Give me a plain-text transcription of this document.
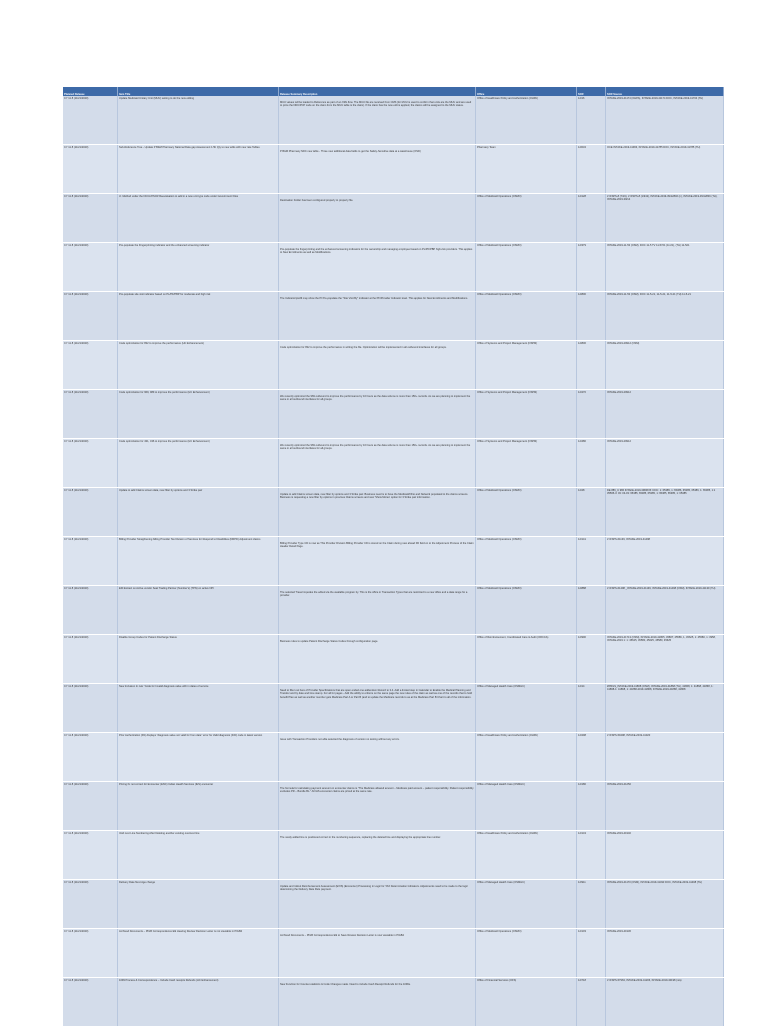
Planned Release	Item Title	Release Summary Description	Office	SCR	SCR Source
CY 11.8 (11/21/2020)	Update Medicaid Unitary Unit (MUU) setting to do the new editing	MUU values will be loaded to Reference as part of an XML flow. The MUU file are received from CMS (for MUU is used to confirm that units are the MUU and are used to price the NDC/PCP code on the claim from the MUU table is the claim). If the claim has the new edit is applied, the claims will be assigned to the MUU status.	Office of Healthcare Policy and Authorization (OHPA)	12/16	INTAKE-2019-41174 (OHPA), INTAKE-2019-41174 DOC, INTAKE-2019-41704 (TH)
CY 11.8 (11/21/2020)	Sub-Reference Tree - Update P B&M Pharmacy National Data gap Assessment 1.5b Qty to new edits with new rate Tables	P B&M Pharmacy NDC new table - Three new additional data fields to get the Safety-Sensitive data at a warehouse (OSD)	Pharmacy Team	12/034	OCE INTAKE-2019-41963, INTAKE-2019-41785 DOC, INTAKE-2019-41785 (TH)
CY 11.8 (11/21/2020)	Jr. Method under the NCCLP/SCR Reevaluation to add in a new unit type code under Government Files	Destination Folder has been configured properly to property file.	Office of Medicaid Operations (OSMO)	12/128	LYFSPS-8 (7/19), LYFSPS-8 (1/942), INTAKE-2019-39/12846 (n), INTAKE-2019-39/12846 (TH), INTAKE-2019-39/14
CY 11.8 (11/21/2020)	Pre-populate the Fingerprinting indicator and the enhanced screening indicator	Pre-populate the fingerprinting and the enhanced screening indicators for the ownership and managing employee based on PL/PF/PBP high-risk providers. This applies to New Enrollments as well as Modifications.	Office of Medicaid Operations (OSMO)	12/379	INTAKE-2019-11-53 (OSM), DOC 11-5 TV 11-5721 (11:21), (TH) 11-521
CY 11.8 (11/21/2020)	Pre-populate site visit indicator based on PL/PF/PBP for moderate and high risk	The Indicator/prefill may show the PI Pre-populate the "Site Visit By" indicator at the PF/Provider Indicator level. This applies for New Enrollments and Modifications.	Office of Medicaid Operations (OSMO)	12/800	INTAKE-2019-11-53 (OSM), DOC 11-5-21, 11-5-21, 11-5-21 (TH) 11-5-21
CY 11.8 (11/21/2020)	Code optimization for 832 to improve the performance (HC Enhancement)	Code optimization for 832 to improve the performance in writing the file. Optimization will be implemented in all outbound interfaces for all groups.	Office of Systems and Project Management (OSPM)	12/806	INTAKE-2019-29912 (OSM)
CY 11.8 (11/21/2020)	Code optimization for 969, 989 to improve the performance (HC Enhancement)	We recently optimized the 969 outbound to improve the performance by 10 hours as the data volume is more than 15K+ records. As we are planning to implement the same in all outbound interfaces for all groups.	Office of Systems and Project Management (OSPM)	12/270	INTAKE-2019-29912
CY 11.8 (11/21/2020)	Code optimization for 431, 436 to improve the performance (HC Enhancement)	We recently optimized the 969 outbound to improve the performance by 10 hours as the data volume is more than 15K+ records. As we are planning to implement the same in all outbound interfaces for all groups.	Office of Systems and Project Management (OSPM)	12/480	INTAKE-2019-29912
CY 11.8 (11/21/2020)	Update to add Claims screen data, new filter by options and 3 Strike pair	Update to add Claims screen data, new filter by options and 3 Strike pair. Business need is to have the Medicaid/Ohio and Network populated to the claims screens. Business is requesting a new filter by options in previous Claims screens and new 'Show Mores' option for 3 Strike pair information.	Office of Medicaid Operations (OSMO)	12/28	DE 886_U 986 INTAKE-2019-39848 B: DOC: 1: 65385, 1: 65386, 65385, 65386, 1: 65385, 1:1 35565-3: 03: 03-03: 65385, 65385, 65385, 1: 65385, 65385, 1: 65385
CY 11.8 (11/21/2020)	Billing Provider Straightening billing Provider Tax Division of Services for Respond to Disabilities (DRPD) Adjustment claims	Billing Provider Type CD is now as This Provider Division Billing Provider CD is stored on the Claim during new ahead FD field on to the Adjustment Process of the Claim Header Detail Page.	Office of Medicaid Operations (OSMO)	12/141	LYFSPS-61139, INTAKE-2019-41498
CY 11.8 (11/21/2020)	EDI Extract on Active vendor Seal Trading Partner (Number's) (TPN) on active NPI	The selected Travel impedes the edited via the available program by. This is the office in Transaction Types that are restricted to a new office and a data range for a provider.	Office of Medicaid Operations (OSMO)	12/888	LYFSPS-61498 _INTAKE-2019-41139, INTAKE-2019-41498 (OSM), INTAKE-2019-41139 (TH)
CY 11.8 (11/21/2020)	Disable Group Codes for Patient Discharge Status	Business rules to update Patient Discharge Status Codes through configuration page.	Office of Reimbursement, Coordinated Care & Audit (ORCCA)	12/990	INTAKE-2019-41713 (OSM), INTAKE-2019-41805, 4580T, 45586, 1, 45625, 1: 45580, 1: 3958, INTAKE-2019 1: 1: 45625, 45580, 45625, 45580, 45625
CY 11.8 (11/21/2020)	New Inclusion In rule "Code for Invalid diagnosis value with in dates of service	Need to filter out here of Provider Specifications that are open ended one addendum Record to 3.4. Add a limited step in Calendar to Enable the Medical Planning and Transfer and by date and time stamp. For all for pages - Add the ability to enforce on the same page the new rules of the claim as well as one of the records that to hold benefit Plan as well as another member gets Medicare Part A or Part B (and to update the Medicare records to as at the Medicare Part B Chart to all of the information.	Office of Managed Health Care (OSMHC)	12/14	ZPRGS_INTAKE-2019-41868 (OSM), INTAKE-2019-41868 (TH), 41868, 1: 41868, 41868, 1: 41868-1: 41868, 1: 41868-2019-41868, INTAKE-2019-41868, 41868
CY 11.8 (11/21/2020)	Prior Authorization (PA) displays "diagnosis value not valid for from date" error for Valid diagnosis (ICD) code in latest version	Issue with Transaction Providers not able selected the diagnosis of version no testing without any errors.	Office of Healthcare Policy and Authorization (OHPA)	12/298	LYFSPS-59498, INTAKE-2019-41320
CY 11.8 (11/21/2020)	Pricing fix not correct for Encounter (ENC) Indian Health Services (IHS) encounter	The formula for calculating payment amount on encounter claims is "The Medicare allowed amount – Medicare paid amount – patient responsibility. Patient responsibility excludes PR – Bundle BL." All IHS encounter claims are priced at the same rate.	Office of Managed Health Care (OSMHC)	12/180	INTAKE-2019-41250
CY 11.8 (11/21/2020)	Void next Line Numbering After Deleting another existing overnext line	The newly added line is positioned correct in the numbering sequence, replacing the deleted line and displaying the appropriate line number.	Office of Healthcare Policy and Authorization (OHPA)	12/143	INTAKE-2019-41940
CY 11.8 (11/21/2020)	Delivery Date Next Age change	Update and rollout Reimbursement Assessment (EXIS) (Encounter) Processing in Logic for TAX Determination Indicators. Adjustments need to be made to the logic determining the Delivery Date Rule payment.	Office of Managed Health Care (OSMHC)	12/911	INTAKE-2019-41170 (OSM), INTAKE-2019-41493 DOC, INTAKE-2019-41498 (TH)
CY 11.8 (11/21/2020)	Archived Documents – PIGB Correspondence Elk Hearing Review Decision Letter is not viewable in PIGB4	Archived Documents – PIGB Correspondence Elk to Save Review Decision Letter is now viewable in PIGB4	Office of Medicaid Operations (OSMO)	12/103	INTAKE-2019-41936
CY 11.8 (11/21/2020)	1099 Process & Correspondence – Include Cash receipts Refunds (HC Enhancement)	New Function for Counter-statistics & Code Changes made. Need to include Cash Receipt Refunds for the 1099s.	Office of Financial Services (OFS)	12/718	LYFSPS-57963, INTAKE-2019-41206, INTAKE-2019-40198 (n/a)
